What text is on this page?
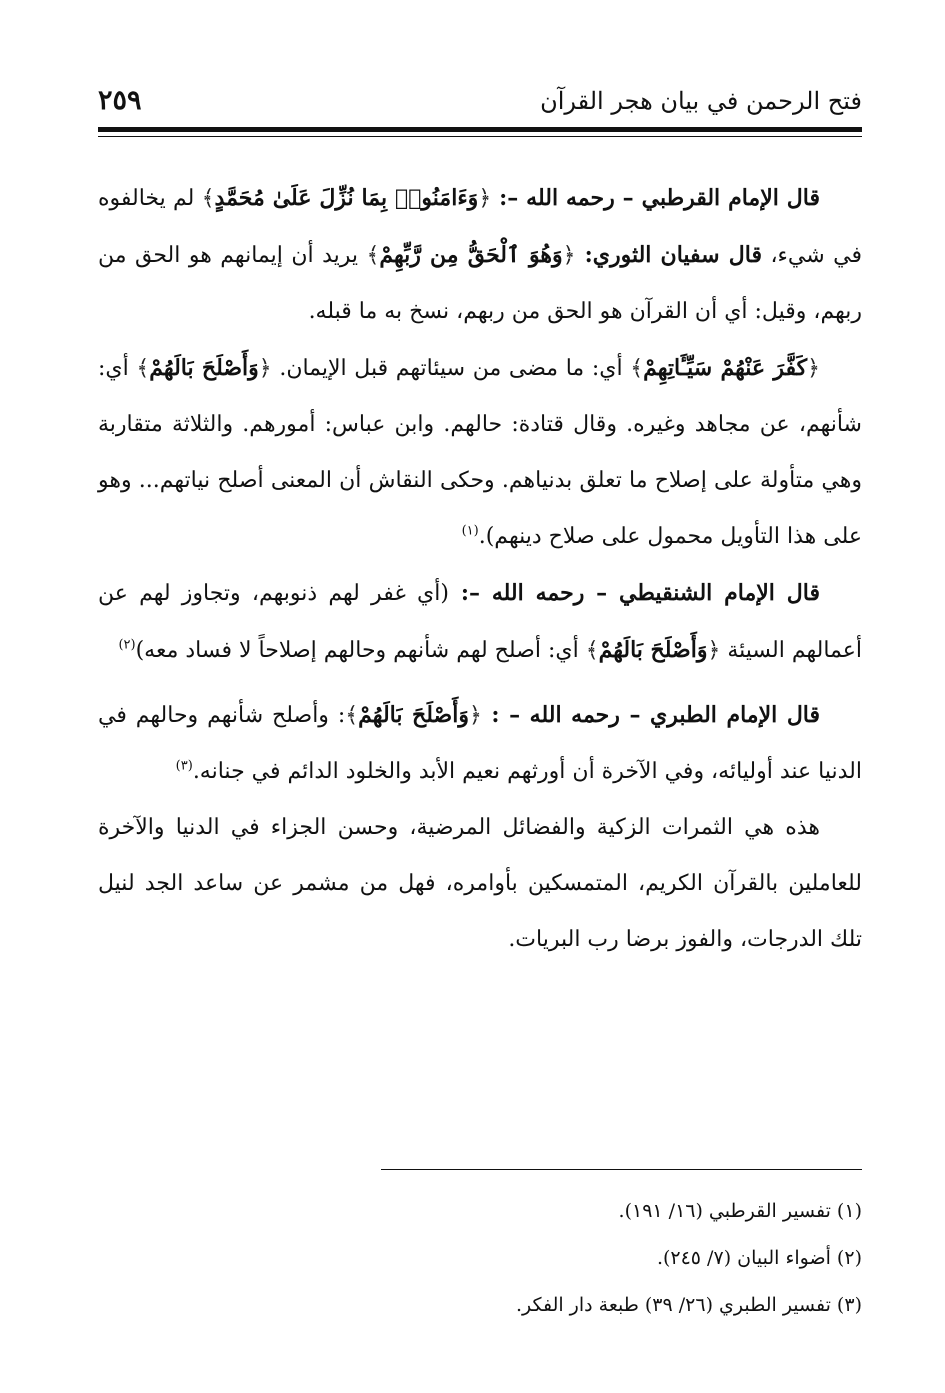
فتح الرحمن في بيان هجر القرآن
٢٥٩

قال الإمام القرطبي – رحمه الله –: ﴿وَءَامَنُوا۟ بِمَا نُزِّلَ عَلَىٰ مُحَمَّدٍ﴾ لم يخالفوه في شيء، قال سفيان الثوري: ﴿وَهُوَ ٱلْحَقُّ مِن رَّبِّهِمْ﴾ يريد أن إيمانهم هو الحق من ربهم، وقيل: أي أن القرآن هو الحق من ربهم، نسخ به ما قبله.

﴿كَفَّرَ عَنْهُمْ سَيِّـَٔاتِهِمْ﴾ أي: ما مضى من سيئاتهم قبل الإيمان. ﴿وَأَصْلَحَ بَالَهُمْ﴾ أي: شأنهم، عن مجاهد وغيره. وقال قتادة: حالهم. وابن عباس: أمورهم. والثلاثة متقاربة وهي متأولة على إصلاح ما تعلق بدنياهم. وحكى النقاش أن المعنى أصلح نياتهم... وهو على هذا التأويل محمول على صلاح دينهم).$^{(١)}$

قال الإمام الشنقيطي – رحمه الله –: (أي غفر لهم ذنوبهم، وتجاوز لهم عن أعمالهم السيئة ﴿وَأَصْلَحَ بَالَهُمْ﴾ أي: أصلح لهم شأنهم وحالهم إصلاحاً لا فساد معه)$^{(٢)}$

قال الإمام الطبري – رحمه الله – : ﴿وَأَصْلَحَ بَالَهُمْ﴾: وأصلح شأنهم وحالهم في الدنيا عند أوليائه، وفي الآخرة أن أورثهم نعيم الأبد والخلود الدائم في جنانه.$^{(٣)}$

هذه هي الثمرات الزكية والفضائل المرضية، وحسن الجزاء في الدنيا والآخرة للعاملين بالقرآن الكريم، المتمسكين بأوامره، فهل من مشمر عن ساعد الجد لنيل تلك الدرجات، والفوز برضا رب البريات.

(١) تفسير القرطبي (١٦/ ١٩١).

(٢) أضواء البيان (٧/ ٢٤٥).

(٣) تفسير الطبري (٢٦/ ٣٩) طبعة دار الفكر.
